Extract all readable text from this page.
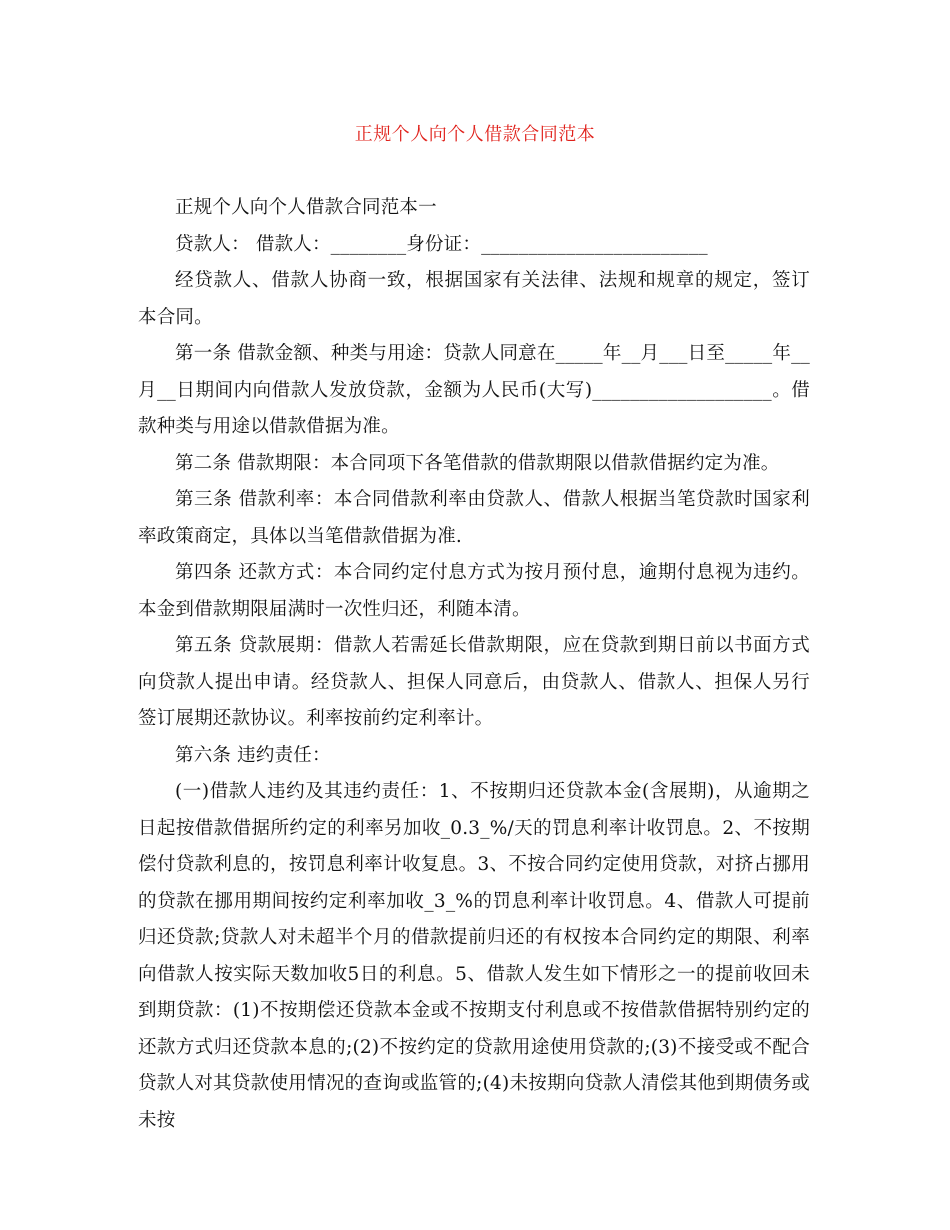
正规个人向个人借款合同范本

正规个人向个人借款合同范本一

贷款人： 借款人：________身份证：________________________

经贷款人、借款人协商一致，根据国家有关法律、法规和规章的规定，签订本合同。

第一条 借款金额、种类与用途：贷款人同意在_____年__月___日至_____年__月__日期间内向借款人发放贷款，金额为人民币(大写)___________________。借款种类与用途以借款借据为准。

第二条 借款期限：本合同项下各笔借款的借款期限以借款借据约定为准。

第三条 借款利率：本合同借款利率由贷款人、借款人根据当笔贷款时国家利率政策商定，具体以当笔借款借据为准.

第四条 还款方式：本合同约定付息方式为按月预付息，逾期付息视为违约。本金到借款期限届满时一次性归还，利随本清。

第五条 贷款展期：借款人若需延长借款期限，应在贷款到期日前以书面方式向贷款人提出申请。经贷款人、担保人同意后，由贷款人、借款人、担保人另行签订展期还款协议。利率按前约定利率计。

第六条 违约责任：

(一)借款人违约及其违约责任：1、不按期归还贷款本金(含展期)，从逾期之日起按借款借据所约定的利率另加收_0.3_%/天的罚息利率计收罚息。2、不按期偿付贷款利息的，按罚息利率计收复息。3、不按合同约定使用贷款，对挤占挪用的贷款在挪用期间按约定利率加收_3_%的罚息利率计收罚息。4、借款人可提前归还贷款;贷款人对未超半个月的借款提前归还的有权按本合同约定的期限、利率向借款人按实际天数加收5日的利息。5、借款人发生如下情形之一的提前收回未到期贷款：(1)不按期偿还贷款本金或不按期支付利息或不按借款借据特别约定的还款方式归还贷款本息的;(2)不按约定的贷款用途使用贷款的;(3)不接受或不配合贷款人对其贷款使用情况的查询或监管的;(4)未按期向贷款人清偿其他到期债务或未按
